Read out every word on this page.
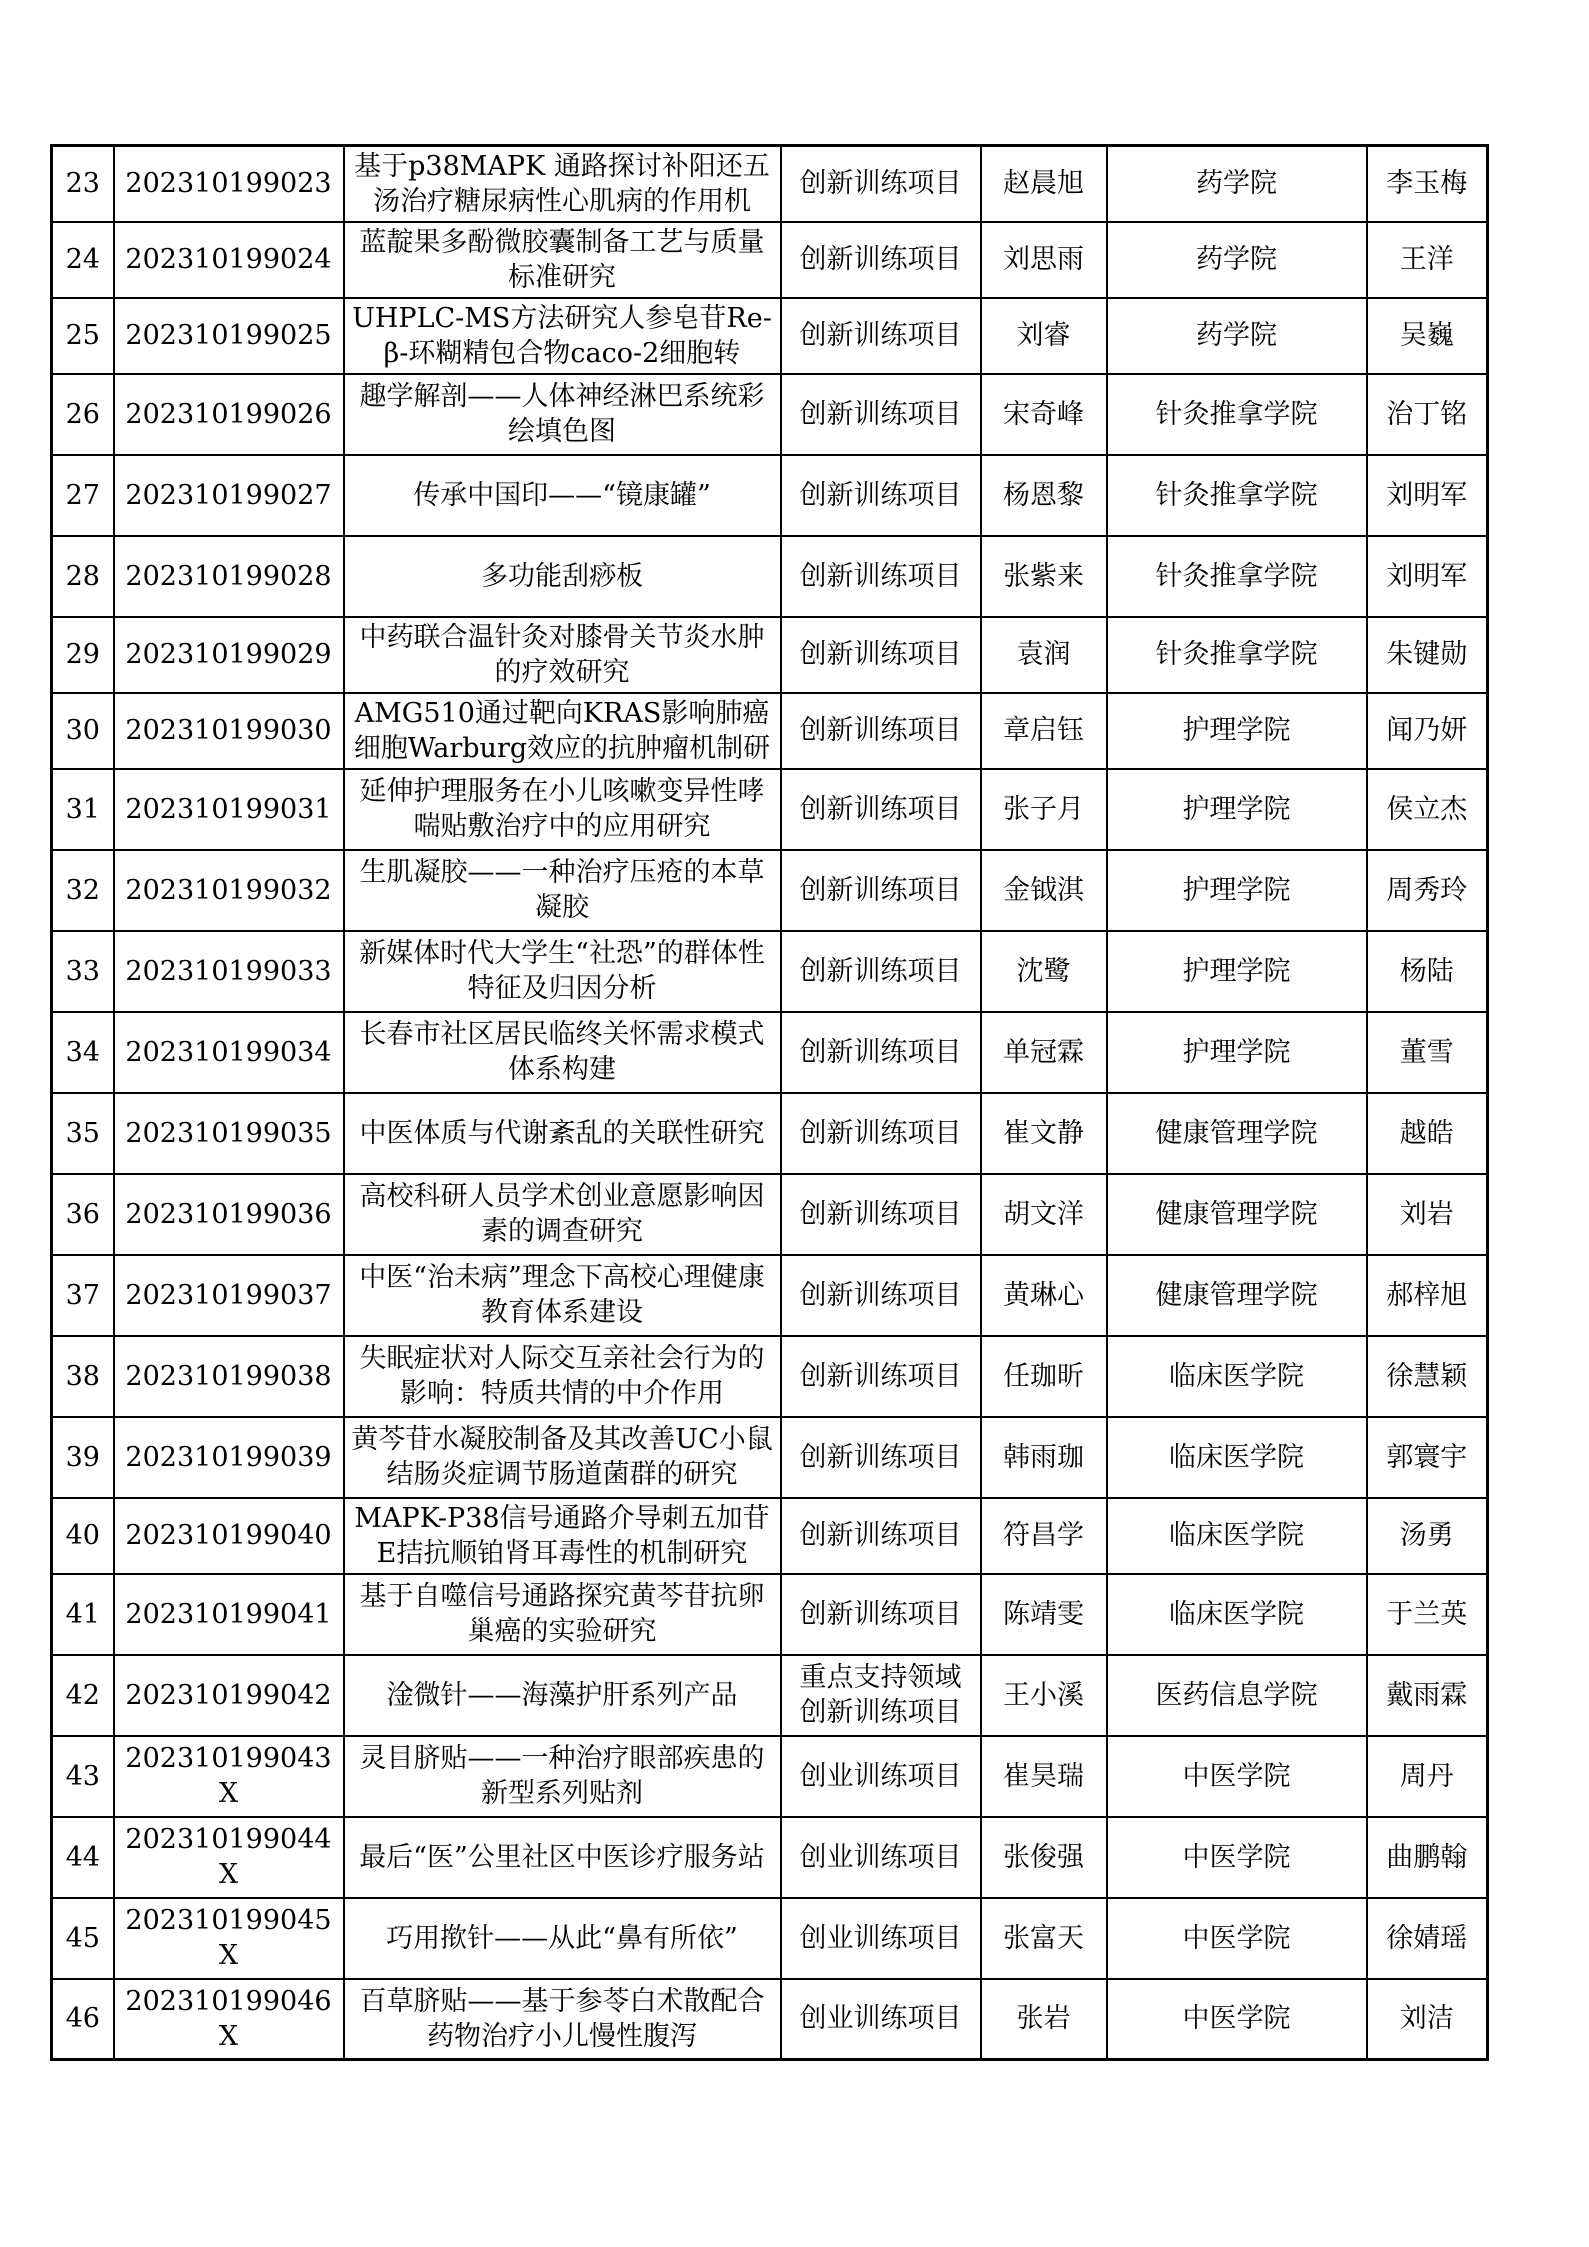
23	202310199023	基于p38MAPK 通路探讨补阳还五汤治疗糖尿病性心肌病的作用机	创新训练项目	赵晨旭	药学院	李玉梅
24	202310199024	蓝靛果多酚微胶囊制备工艺与质量标准研究	创新训练项目	刘思雨	药学院	王洋
25	202310199025	UHPLC-MS方法研究人参皂苷Re-β-环糊精包合物caco-2细胞转	创新训练项目	刘睿	药学院	吴巍
26	202310199026	趣学解剖——人体神经淋巴系统彩绘填色图	创新训练项目	宋奇峰	针灸推拿学院	治丁铭
27	202310199027	传承中国印——“镜康罐”	创新训练项目	杨恩黎	针灸推拿学院	刘明军
28	202310199028	多功能刮痧板	创新训练项目	张紫来	针灸推拿学院	刘明军
29	202310199029	中药联合温针灸对膝骨关节炎水肿的疗效研究	创新训练项目	袁润	针灸推拿学院	朱键勋
30	202310199030	AMG510通过靶向KRAS影响肺癌细胞Warburg效应的抗肿瘤机制研	创新训练项目	章启钰	护理学院	闻乃妍
31	202310199031	延伸护理服务在小儿咳嗽变异性哮喘贴敷治疗中的应用研究	创新训练项目	张子月	护理学院	侯立杰
32	202310199032	生肌凝胶——一种治疗压疮的本草凝胶	创新训练项目	金钺淇	护理学院	周秀玲
33	202310199033	新媒体时代大学生“社恐”的群体性特征及归因分析	创新训练项目	沈鹭	护理学院	杨陆
34	202310199034	长春市社区居民临终关怀需求模式体系构建	创新训练项目	单冠霖	护理学院	董雪
35	202310199035	中医体质与代谢紊乱的关联性研究	创新训练项目	崔文静	健康管理学院	越皓
36	202310199036	高校科研人员学术创业意愿影响因素的调查研究	创新训练项目	胡文洋	健康管理学院	刘岩
37	202310199037	中医“治未病”理念下高校心理健康教育体系建设	创新训练项目	黄琳心	健康管理学院	郝梓旭
38	202310199038	失眠症状对人际交互亲社会行为的影响：特质共情的中介作用	创新训练项目	任珈昕	临床医学院	徐慧颖
39	202310199039	黄芩苷水凝胶制备及其改善UC小鼠结肠炎症调节肠道菌群的研究	创新训练项目	韩雨珈	临床医学院	郭寰宇
40	202310199040	MAPK-P38信号通路介导刺五加苷E拮抗顺铂肾耳毒性的机制研究	创新训练项目	符昌学	临床医学院	汤勇
41	202310199041	基于自噬信号通路探究黄芩苷抗卵巢癌的实验研究	创新训练项目	陈靖雯	临床医学院	于兰英
42	202310199042	淦微针——海藻护肝系列产品	重点支持领域创新训练项目	王小溪	医药信息学院	戴雨霖
43	202310199043X	灵目脐贴——一种治疗眼部疾患的新型系列贴剂	创业训练项目	崔昊瑞	中医学院	周丹
44	202310199044X	最后“医”公里社区中医诊疗服务站	创业训练项目	张俊强	中医学院	曲鹏翰
45	202310199045X	巧用揿针——从此“鼻有所依”	创业训练项目	张富天	中医学院	徐婧瑶
46	202310199046X	百草脐贴——基于参苓白术散配合药物治疗小儿慢性腹泻	创业训练项目	张岩	中医学院	刘洁
